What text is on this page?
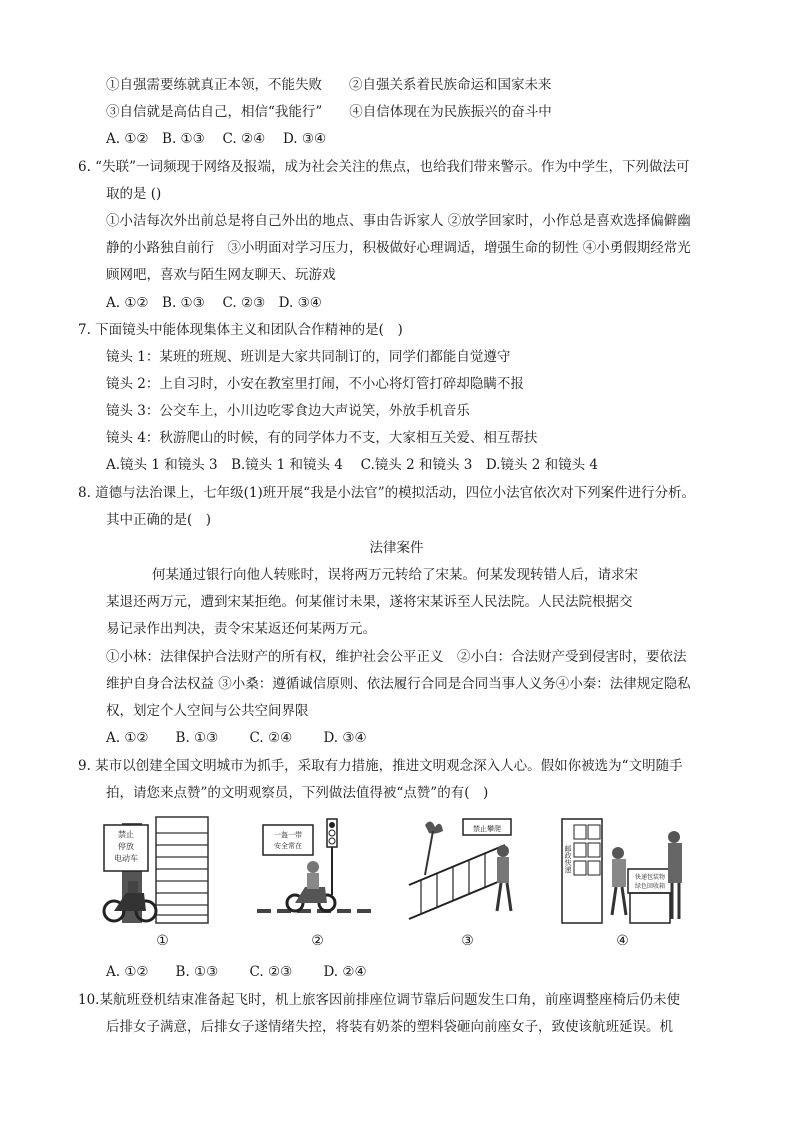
①自强需要练就真正本领，不能失败　　②自强关系着民族命运和国家未来
③自信就是高估自己，相信“我能行”　　④自信体现在为民族振兴的奋斗中
A. ①②　B. ①③　 C. ②④　 D. ③④
6. “失联”一词频现于网络及报端，成为社会关注的焦点，也给我们带来警示。作为中学生，下列做法可
取的是 ()
①小洁每次外出前总是将自己外出的地点、事由告诉家人 ②放学回家时，小作总是喜欢选择偏僻幽
静的小路独自前行　③小明面对学习压力，积极做好心理调适，增强生命的韧性 ④小勇假期经常光
顾网吧，喜欢与陌生网友聊天、玩游戏
A. ①②　B. ①③　 C. ②③　D. ③④
7. 下面镜头中能体现集体主义和团队合作精神的是(　)
镜头 1：某班的班规、班训是大家共同制订的，同学们都能自觉遵守
镜头 2：上自习时，小安在教室里打闹，不小心将灯管打碎却隐瞒不报
镜头 3：公交车上，小川边吃零食边大声说笑，外放手机音乐
镜头 4：秋游爬山的时候，有的同学体力不支，大家相互关爱、相互帮扶
A.镜头 1 和镜头 3　B.镜头 1 和镜头 4　 C.镜头 2 和镜头 3　D.镜头 2 和镜头 4
8. 道德与法治课上，七年级(1)班开展“我是小法官”的模拟活动，四位小法官依次对下列案件进行分析。
其中正确的是(　)
法律案件
何某通过银行向他人转账时，误将两万元转给了宋某。何某发现转错人后，请求宋
某退还两万元，遭到宋某拒绝。何某催讨未果，遂将宋某诉至人民法院。人民法院根据交
易记录作出判决，责令宋某返还何某两万元。
①小林：法律保护合法财产的所有权，维护社会公平正义　②小白：合法财产受到侵害时，要依法
维护自身合法权益 ③小桑：遵循诚信原则、依法履行合同是合同当事人义务④小秦：法律规定隐私
权，划定个人空间与公共空间界限
A. ①②　　B. ①③　　 C. ②④　　 D. ③④
9. 某市以创建全国文明城市为抓手，采取有力措施，推进文明观念深入人心。假如你被选为“文明随手
拍，请您来点赞”的文明观察员，下列做法值得被“点赞”的有(　)
禁止
停放
电动车
一盔一带
安全常在
禁止攀爬
邮政快递
快递包装物
绿色回收箱
①	②	③	④
A. ①②　　B. ①③　　 C. ②③　　 D. ②④
10.某航班登机结束准备起飞时，机上旅客因前排座位调节靠后问题发生口角，前座调整座椅后仍未使
后排女子满意，后排女子遂情绪失控，将装有奶茶的塑料袋砸向前座女子，致使该航班延误。机
